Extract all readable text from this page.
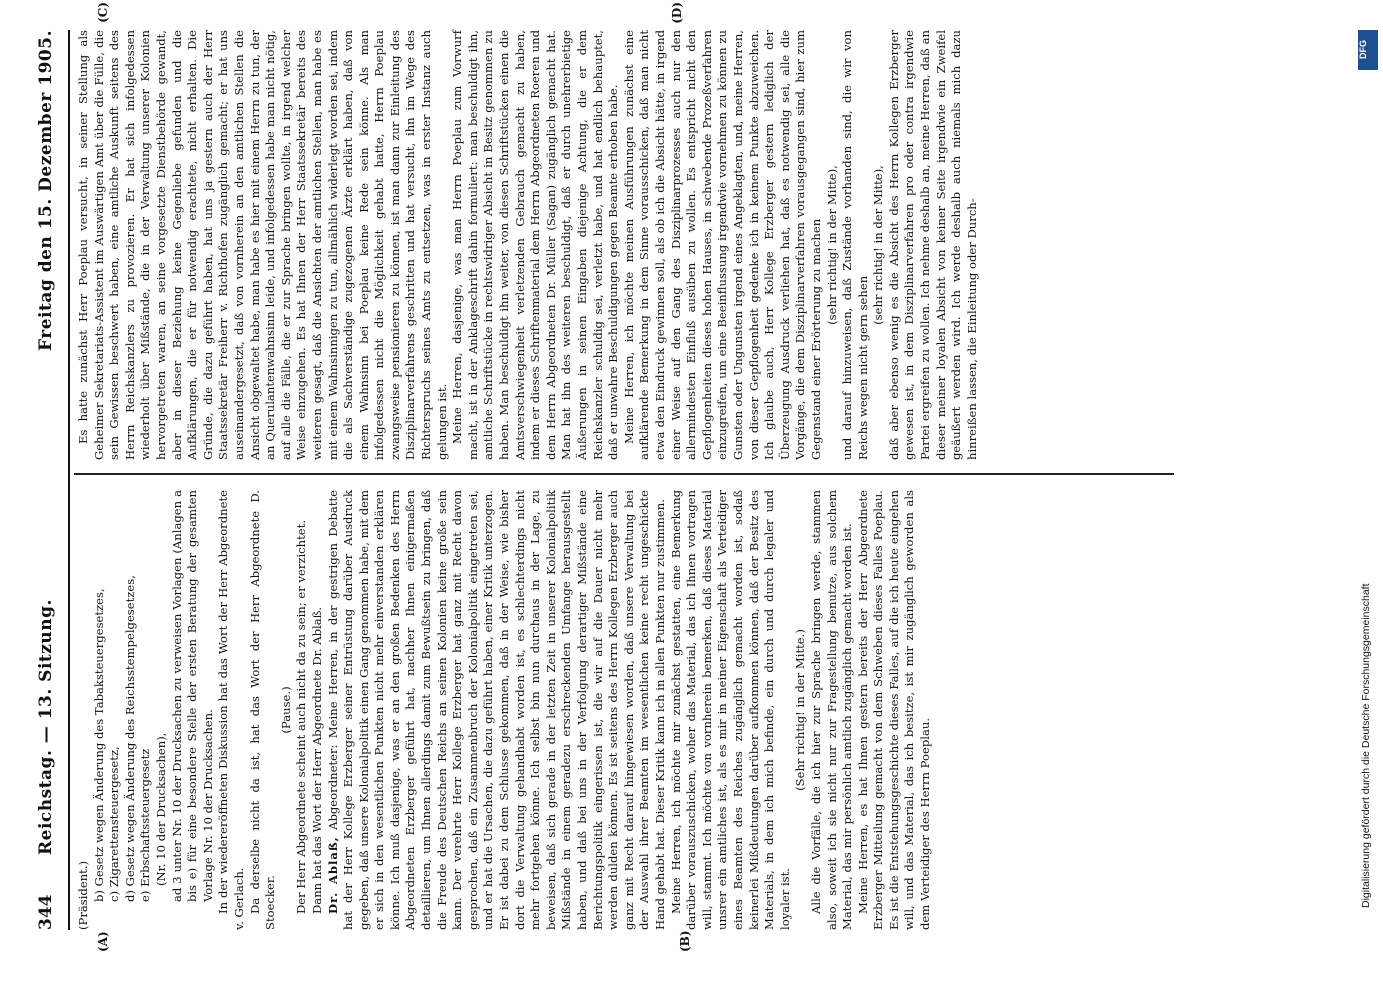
344
Reichstag. — 13. Sitzung.
Freitag den 15. Dezember 1905.
(A)	(B)
(C)	(D)

(Präsident.) b) Gesetz wegen Änderung des Tabaksteuergesetzes, c) Zigarettensteuergesetz, d) Gesetz wegen Änderung des Reichsstempelgesetzes, e) Erbschaftssteuergesetz (Nr. 10 der Drucksachen), ad 3 unter Nr. 10 der Drucksachen zu verweisen Vorlagen (Anlagen a bis e) für eine besondere Stelle der ersten Beratung der gesamten Vorlage Nr. 10 der Drucksachen. In der wiedereröffneten Diskussion hat das Wort der Herr Abgeordnete v. Gerlach. Da derselbe nicht da ist, hat das Wort der Herr Abgeordnete D. Stoecker.

(Pause.) Der Herr Abgeordnete scheint auch nicht da zu sein; er verzichtet. Dann hat das Wort der Herr Abgeordnete Dr. Ablaß. Dr. Ablaß, Abgeordneter: Meine Herren, in der gestrigen Debatte hat der Herr Kollege Erzberger seiner Entrüstung darüber Ausdruck gegeben, daß unsere Kolonialpolitik einen Gang genommen habe, mit dem er sich in den wesentlichen Punkten nicht mehr einverstanden erklären könne. Ich muß dasjenige, was er an den großen Bedenken des Herrn Abgeordneten Erzberger geführt hat, nachher Ihnen einigermaßen detaillieren, um Ihnen allerdings damit zum Bewußtsein zu bringen, daß die Freude des Deutschen Reichs an seinen Kolonien keine große sein kann. Der verehrte Herr Kollege Erzberger hat ganz mit Recht davon gesprochen, daß ein Zusammenbruch der Kolonialpolitik eingetreten sei, und er hat die Ursachen, die dazu geführt haben, einer Kritik unterzogen. Er ist dabei zu dem Schlusse gekommen, daß in der Weise, wie bisher dort die Verwaltung gehandhabt worden ist, es schlechterdings nicht mehr fortgehen könne. Ich selbst bin nun durchaus in der Lage, zu beweisen, daß sich gerade in der letzten Zeit in unserer Kolonialpolitik Mißstände in einem geradezu erschreckenden Umfange herausgestellt haben, und daß bei uns in der Verfolgung derartiger Mißstände eine Berichtungspolitik eingerissen ist, die wir auf die Dauer nicht mehr werden dulden können. Es ist seitens des Herrn Kollegen Erzberger auch ganz mit Recht darauf hingewiesen worden, daß unsere Verwaltung bei der Auswahl ihrer Beamten im wesentlichen keine recht ungeschickte Hand gehabt hat. Dieser Kritik kann ich in allen Punkten nur zustimmen. Meine Herren, ich möchte mir zunächst gestatten, eine Bemerkung darüber vorauszuschicken, woher das Material, das ich Ihnen vortragen will, stammt. Ich möchte von vornherein bemerken, daß dieses Material unsrer ein amtliches ist, als es mir in meiner Eigenschaft als Verteidiger eines Beamten des Reiches zugänglich gemacht worden ist, sodaß keinerlei Mißdeutungen darüber aufkommen können, daß der Besitz des Materials, in dem ich mich befinde, ein durch und durch legaler und loyaler ist.

(Sehr richtig! in der Mitte.) Alle die Vorfälle, die ich hier zur Sprache bringen werde, stammen also, soweit ich sie nicht nur zur Fragestellung benutze, aus solchem Material, das mir persönlich amtlich zugänglich gemacht worden ist. Meine Herren, es hat Ihnen gestern bereits der Herr Abgeordnete Erzberger Mitteilung gemacht von dem Schweben dieses Falles Poeplau. Es ist die Entstehungsgeschichte dieses Falles, auf die ich heute eingehen will, und das Material, das ich besitze, ist mir zugänglich geworden als dem Verteidiger des Herrn Poeplau.

Es hatte zunächst Herr Poeplau versucht, in seiner Stellung als Geheimer Sekretariats-Assistent im Auswärtigen Amt über die Fülle, die sein Gewissen beschwert haben, eine amtliche Auskunft seitens des Herrn Reichskanzlers zu provozieren. Er hat sich infolgedessen wiederholt über Mißstände, die in der Verwaltung unserer Kolonien hervorgetreten waren, an seine vorgesetzte Dienstbehörde gewandt, aber in dieser Beziehung keine Gegenliebe gefunden und die Aufklärungen, die er für notwendig erachtete, nicht erhalten. Die Gründe, die dazu geführt haben, hat uns ja gestern auch der Herr Staatssekretär Freiherr v. Richthofen zugänglich gemacht; er hat uns auseinandergesetzt, daß von vornherein an den amtlichen Stellen die Ansicht obgewaltet habe, man habe es hier mit einem Herrn zu tun, der an Querulantenwahnsinn leide, und infolgedessen habe man nicht nötig, auf alle die Fälle, die er zur Sprache bringen wollte, in irgend welcher Weise einzugehen. Es hat Ihnen der Herr Staatssekretär bereits des weiteren gesagt, daß die Ansichten der amtlichen Stellen, man habe es mit einem Wahnsinnigen zu tun, allmählich widerlegt worden sei, indem die als Sachverständige zugezogenen Ärzte erklärt haben, daß von einem Wahnsinn bei Poeplau keine Rede sein könne. Als man infolgedessen nicht die Möglichkeit gehabt hatte, Herrn Poeplau zwangsweise pensionieren zu können, ist man dann zur Einleitung des Disziplinarverfahrens geschritten und hat versucht, ihn im Wege des Richterspruchs seines Amts zu entsetzen, was in erster Instanz auch gelungen ist. Meine Herren, dasjenige, was man Herrn Poeplau zum Vorwurf macht, ist in der Anklageschrift dahin formuliert: man beschuldigt ihn, amtliche Schriftstücke in rechtswidriger Absicht in Besitz genommen zu haben. Man beschuldigt ihn weiter, von diesen Schriftstücken einen die Amtsverschwiegenheit verletzenden Gebrauch gemacht zu haben, indem er dieses Schriftenmaterial dem Herrn Abgeordneten Roeren und dem Herrn Abgeordneten Dr. Müller (Sagan) zugänglich gemacht hat. Man hat ihn des weiteren beschuldigt, daß er durch unehrerbietige Äußerungen in seinen Eingaben diejenige Achtung, die er dem Reichskanzler schuldig sei, verletzt habe, und hat endlich behauptet, daß er unwahre Beschuldigungen gegen Beamte erhoben habe. Meine Herren, ich möchte meinen Ausführungen zunächst eine aufklärende Bemerkung in dem Sinne vorausschicken, daß man nicht etwa den Eindruck gewinnen soll, als ob ich die Absicht hätte, in irgend einer Weise auf den Gang des Disziplinarprozesses auch nur den allermindesten Einfluß ausüben zu wollen. Es entspricht nicht den Gepflogenheiten dieses hohen Hauses, in schwebende Prozeßverfahren einzugreifen, um eine Beeinflussung irgendwie vornehmen zu können zu Gunsten oder Ungunsten irgend eines Angeklagten, und, meine Herren, von dieser Gepflogenheit gedenke ich in keinem Punkte abzuweichen. Ich glaube auch, Herr Kollege Erzberger gestern lediglich der Überzeugung Ausdruck verliehen hat, daß es notwendig sei, alle die Vorgänge, die dem Disziplinarverfahren vorausgegangen sind, hier zum Gegenstand einer Erörterung zu machen (sehr richtig! in der Mitte), und darauf hinzuweisen, daß Zustände vorhanden sind, die wir von Reichs wegen nicht gern sehen

(sehr richtig! in der Mitte), daß aber ebenso wenig es die Absicht des Herrn Kollegen Erzberger gewesen ist, in dem Disziplinarverfahren pro oder contra irgendwie Partei ergreifen zu wollen. Ich nehme deshalb an, meine Herren, daß an dieser meiner loyalen Absicht von keiner Seite irgendwie ein Zweifel geäußert werden wird. Ich werde deshalb auch niemals mich dazu hinreißen lassen, die Einleitung oder Durch-

DFG
Digitalisierung gefördert durch die Deutsche Forschungsgemeinschaft
